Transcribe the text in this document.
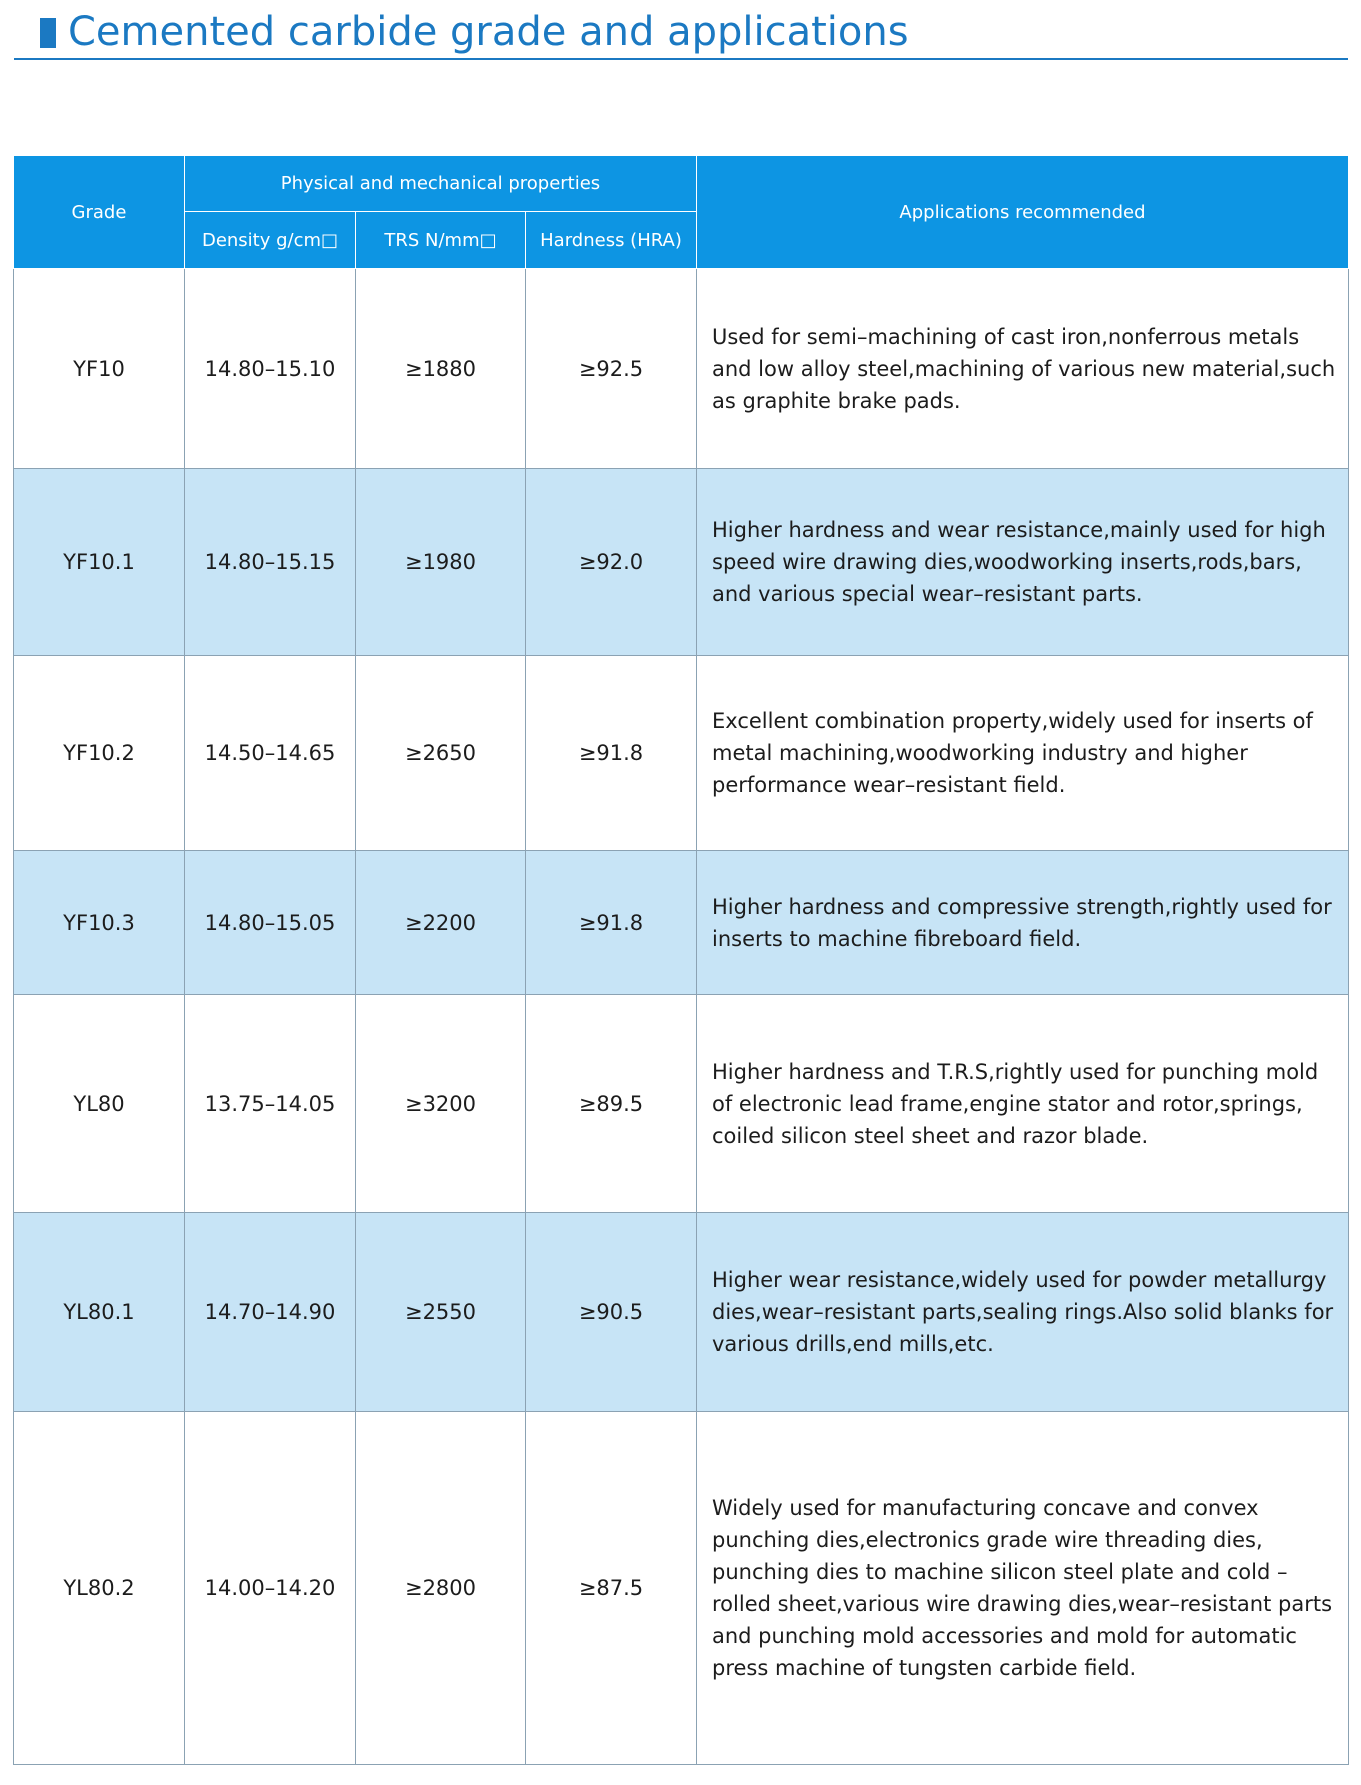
Cemented carbide grade and applications
Grade	Physical and mechanical properties			Applications recommended
	Density g/cm□	TRS N/mm□	Hardness (HRA)	
YF10	14.80–15.10	≥1880	≥92.5	Used for semi–machining of cast iron,nonferrous metals and low alloy steel,machining of various new material,such as graphite brake pads.
YF10.1	14.80–15.15	≥1980	≥92.0	Higher hardness and wear resistance,mainly used for high speed wire drawing dies,woodworking inserts,rods,bars, and various special wear–resistant parts.
YF10.2	14.50–14.65	≥2650	≥91.8	Excellent combination property,widely used for inserts of metal machining,woodworking industry and higher performance wear–resistant field.
YF10.3	14.80–15.05	≥2200	≥91.8	Higher hardness and compressive strength,rightly used for inserts to machine fibreboard field.
YL80	13.75–14.05	≥3200	≥89.5	Higher hardness and T.R.S,rightly used for punching mold of electronic lead frame,engine stator and rotor,springs, coiled silicon steel sheet and razor blade.
YL80.1	14.70–14.90	≥2550	≥90.5	Higher wear resistance,widely used for powder metallurgy dies,wear–resistant parts,sealing rings.Also solid blanks for various drills,end mills,etc.
YL80.2	14.00–14.20	≥2800	≥87.5	Widely used for manufacturing concave and convex punching dies,electronics grade wire threading dies, punching dies to machine silicon steel plate and cold –rolled sheet,various wire drawing dies,wear–resistant parts and punching mold accessories and mold for automatic press machine of tungsten carbide field.
